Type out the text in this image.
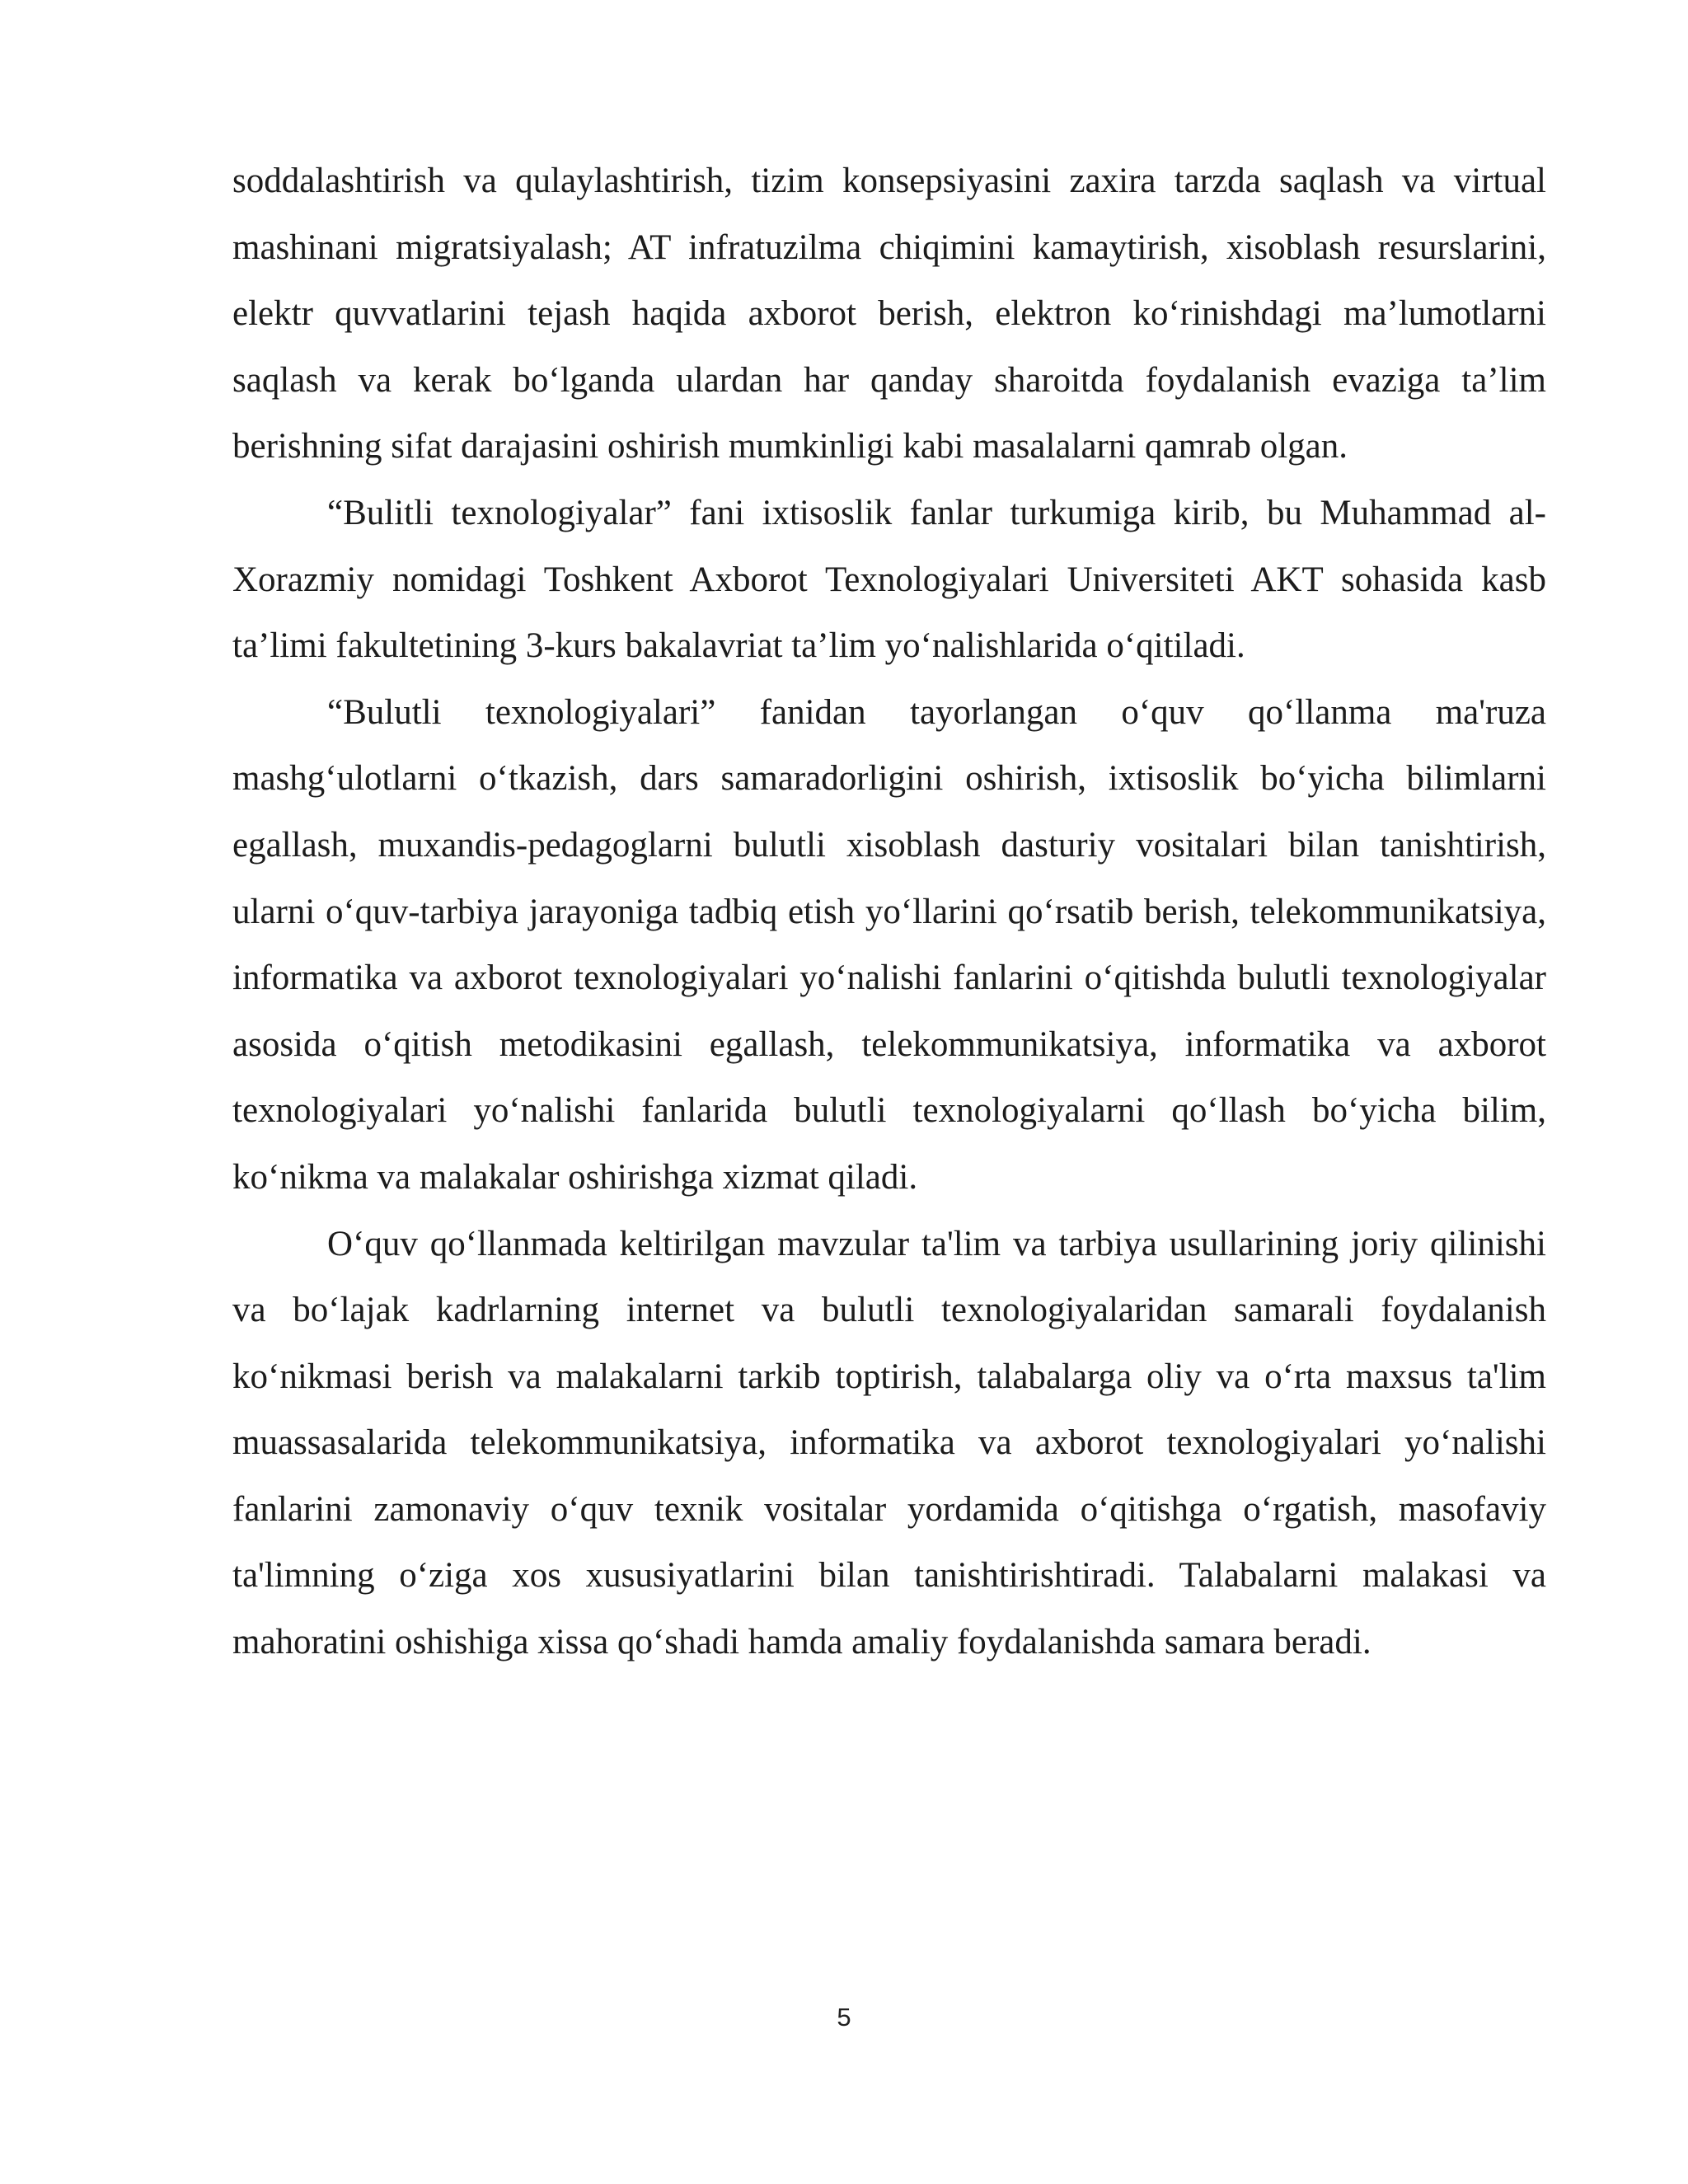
soddalashtirish va qulaylashtirish, tizim konsepsiyasini zaxira tarzda saqlash va virtual mashinani migratsiyalash; AT infratuzilma chiqimini kamaytirish, xisoblash resurslarini, elektr quvvatlarini tejash haqida axborot berish, elektron ko‘rinishdagi ma’lumotlarni saqlash va kerak bo‘lganda ulardan har qanday sharoitda foydalanish evaziga ta’lim berishning sifat darajasini oshirish mumkinligi kabi masalalarni qamrab olgan.

“Bulitli texnologiyalar” fani ixtisoslik fanlar turkumiga kirib, bu Muhammad al-Xorazmiy nomidagi Toshkent Axborot Texnologiyalari Universiteti AKT sohasida kasb ta’limi fakultetining 3-kurs bakalavriat ta’lim yo‘nalishlarida o‘qitiladi.

“Bulutli texnologiyalari” fanidan tayorlangan o‘quv qo‘llanma ma'ruza mashg‘ulotlarni o‘tkazish, dars samaradorligini oshirish, ixtisoslik bo‘yicha bilimlarni egallash, muxandis-pedagoglarni bulutli xisoblash dasturiy vositalari bilan tanishtirish, ularni o‘quv-tarbiya jarayoniga tadbiq etish yo‘llarini qo‘rsatib berish, telekommunikatsiya, informatika va axborot texnologiyalari yo‘nalishi fanlarini o‘qitishda bulutli texnologiyalar asosida o‘qitish metodikasini egallash, telekommunikatsiya, informatika va axborot texnologiyalari yo‘nalishi fanlarida bulutli texnologiyalarni qo‘llash bo‘yicha bilim, ko‘nikma va malakalar oshirishga xizmat qiladi.

O‘quv qo‘llanmada keltirilgan mavzular ta'lim va tarbiya usullarining joriy qilinishi va bo‘lajak kadrlarning internet va bulutli texnologiyalaridan samarali foydalanish ko‘nikmasi berish va malakalarni tarkib toptirish, talabalarga oliy va o‘rta maxsus ta'lim muassasalarida telekommunikatsiya, informatika va axborot texnologiyalari yo‘nalishi fanlarini zamonaviy o‘quv texnik vositalar yordamida o‘qitishga o‘rgatish, masofaviy ta'limning o‘ziga xos xususiyatlarini bilan tanishtirishtiradi. Talabalarni malakasi va mahoratini oshishiga xissa qo‘shadi hamda amaliy foydalanishda samara beradi.

5
